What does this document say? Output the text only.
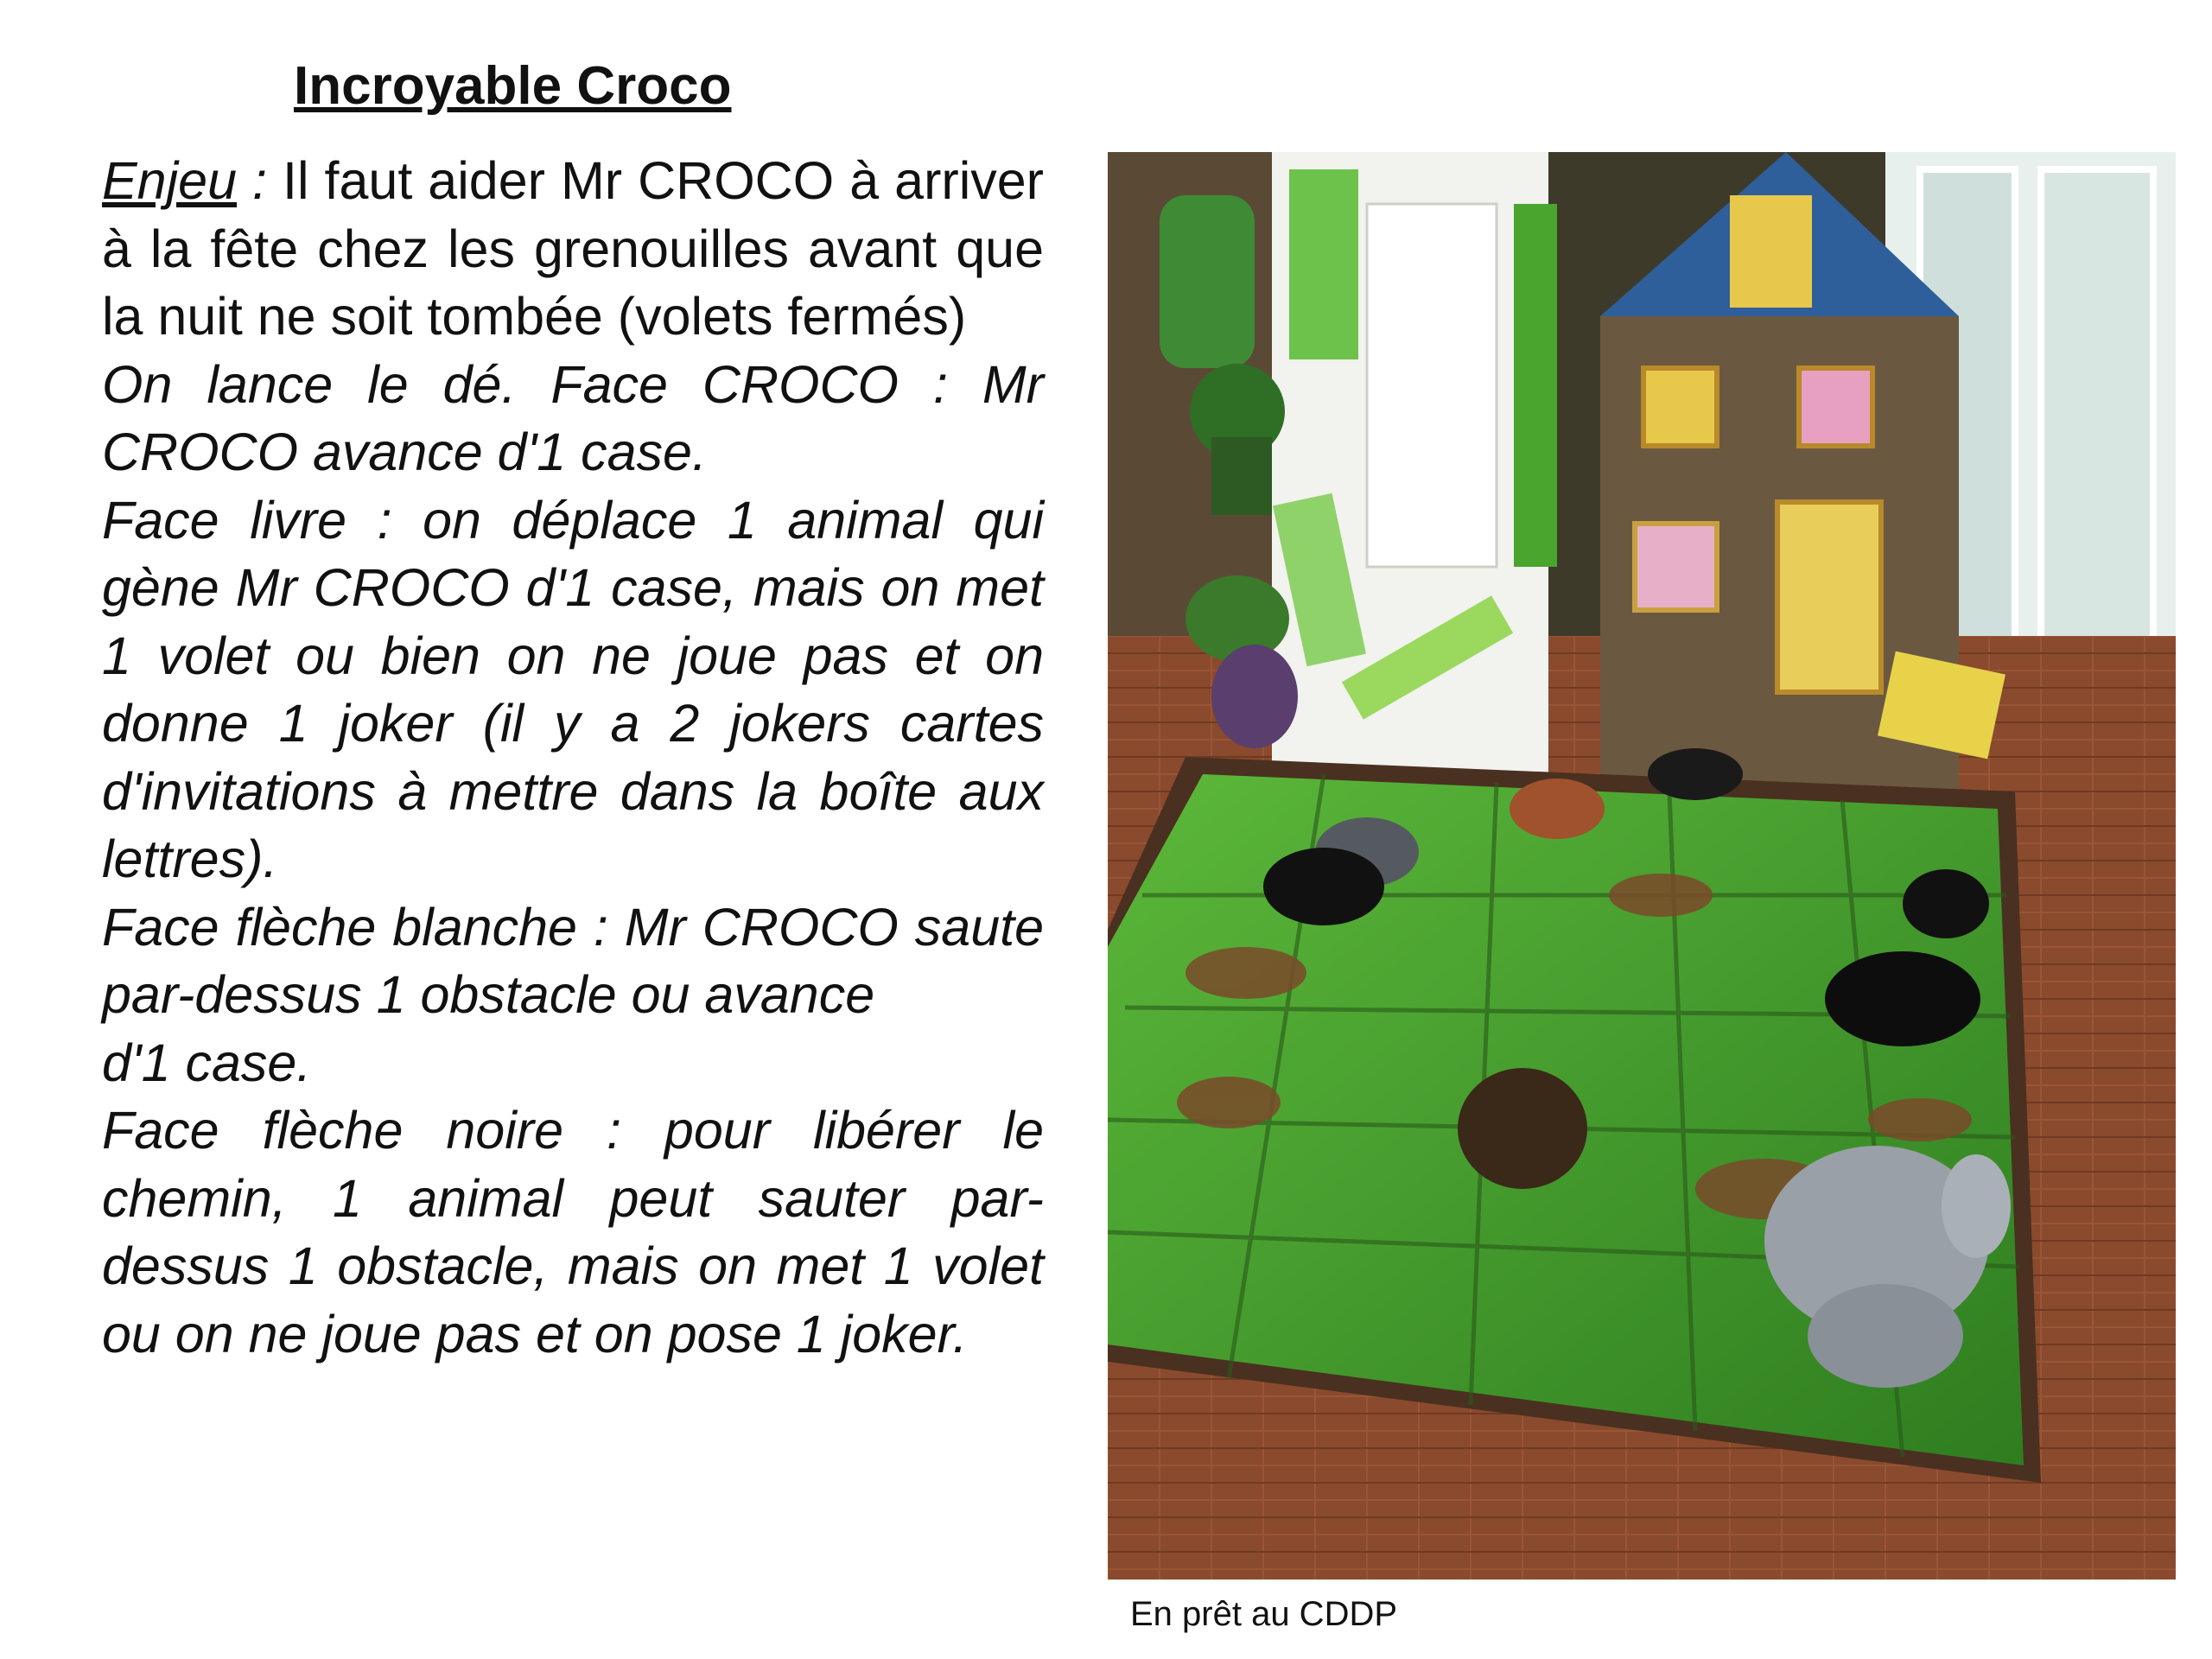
Incroyable Croco

Enjeu : Il faut aider Mr CROCO à arriver à la fête chez les grenouilles avant que la nuit ne soit tombée (volets fermés)

On lance le dé. Face CROCO : Mr CROCO avance d'1 case.

Face livre : on déplace 1 animal qui gène Mr CROCO d'1 case, mais on met 1 volet ou bien on ne joue pas et on donne 1 joker (il y a 2 jokers cartes d'invitations à mettre dans la boîte aux lettres).

Face flèche blanche : Mr CROCO saute par-dessus 1 obstacle ou avance

d'1 case.

Face flèche noire : pour libérer le chemin, 1 animal peut sauter par-dessus 1 obstacle, mais on met 1 volet ou on ne joue pas et on pose 1 joker.

En prêt au CDDP
